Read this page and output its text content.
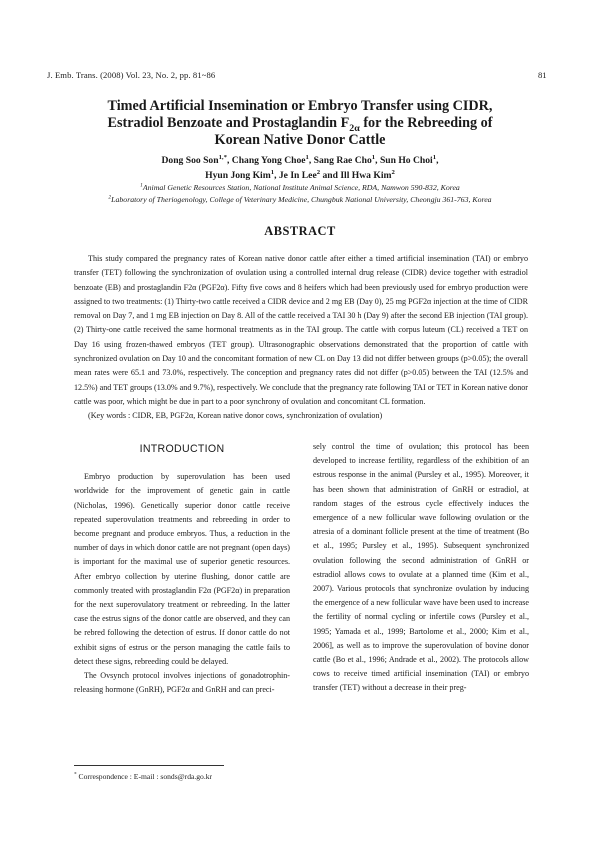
J. Emb. Trans. (2008) Vol. 23, No. 2, pp. 81~86	81
Timed Artificial Insemination or Embryo Transfer using CIDR,
Estradiol Benzoate and Prostaglandin $F_{2\alpha}$ for the Rebreeding of
Korean Native Donor Cattle
Dong Soo Son$^{1,*}$, Chang Yong Choe$^1$, Sang Rae Cho$^1$, Sun Ho Choi$^1$,
Hyun Jong Kim$^1$, Je In Lee$^2$ and Ill Hwa Kim$^2$
$^1$Animal Genetic Resources Station, National Institute Animal Science, RDA, Namwon 590-832, Korea
$^2$Laboratory of Theriogenology, College of Veterinary Medicine, Chungbuk National University, Cheongju 361-763, Korea
ABSTRACT

This study compared the pregnancy rates of Korean native donor cattle after either a timed artificial insemination (TAI) or embryo transfer (TET) following the synchronization of ovulation using a controlled internal drug release (CIDR) device together with estradiol benzoate (EB) and prostaglandin F2α (PGF2α). Fifty five cows and 8 heifers which had been previously used for embryo production were assigned to two treatments: (1) Thirty-two cattle received a CIDR device and 2 mg EB (Day 0), 25 mg PGF2α injection at the time of CIDR removal on Day 7, and 1 mg EB injection on Day 8. All of the cattle received a TAI 30 h (Day 9) after the second EB injection (TAI group). (2) Thirty-one cattle received the same hormonal treatments as in the TAI group. The cattle with corpus luteum (CL) received a TET on Day 16 using frozen-thawed embryos (TET group). Ultrasonographic observations demonstrated that the proportion of cattle with synchronized ovulation on Day 10 and the concomitant formation of new CL on Day 13 did not differ between groups (p>0.05); the overall mean rates were 65.1 and 73.0%, respectively. The conception and pregnancy rates did not differ (p>0.05) between the TAI (12.5% and 12.5%) and TET groups (13.0% and 9.7%), respectively. We conclude that the pregnancy rate following TAI or TET in Korean native donor cattle was poor, which might be due in part to a poor synchrony of ovulation and concomitant CL formation.

(Key words : CIDR, EB, PGF2α, Korean native donor cows, synchronization of ovulation)

INTRODUCTION

Embryo production by superovulation has been used worldwide for the improvement of genetic gain in cattle (Nicholas, 1996). Genetically superior donor cattle receive repeated superovulation treatments and rebreeding in order to become pregnant and produce embryos. Thus, a reduction in the number of days in which donor cattle are not pregnant (open days) is important for the maximal use of superior genetic resources. After embryo collection by uterine flushing, donor cattle are commonly treated with prostaglandin F2α (PGF2α) in preparation for the next superovulatory treatment or rebreeding. In the latter case the estrus signs of the donor cattle are observed, and they can be rebred following the detection of estrus. If donor cattle do not exhibit signs of estrus or the person managing the cattle fails to detect these signs, rebreeding could be delayed.

The Ovsynch protocol involves injections of gonadotrophin-releasing hormone (GnRH), PGF2α and GnRH and can preci-

sely control the time of ovulation; this protocol has been developed to increase fertility, regardless of the exhibition of an estrous response in the animal (Pursley et al., 1995). Moreover, it has been shown that administration of GnRH or estradiol, at random stages of the estrous cycle effectively induces the emergence of a new follicular wave following ovulation or the atresia of a dominant follicle present at the time of treatment (Bo et al., 1995; Pursley et al., 1995). Subsequent synchronized ovulation following the second administration of GnRH or estradiol allows cows to ovulate at a planned time (Kim et al., 2007). Various protocols that synchronize ovulation by inducing the emergence of a new follicular wave have been used to increase the fertility of normal cycling or infertile cows (Pursley et al., 1995; Yamada et al., 1999; Bartolome et al., 2000; Kim et al., 2006], as well as to improve the superovulation of bovine donor cattle (Bo et al., 1996; Andrade et al., 2002). The protocols allow cows to receive timed artificial insemination (TAI) or embryo transfer (TET) without a decrease in their preg-

* Correspondence : E-mail : sonds@rda.go.kr
